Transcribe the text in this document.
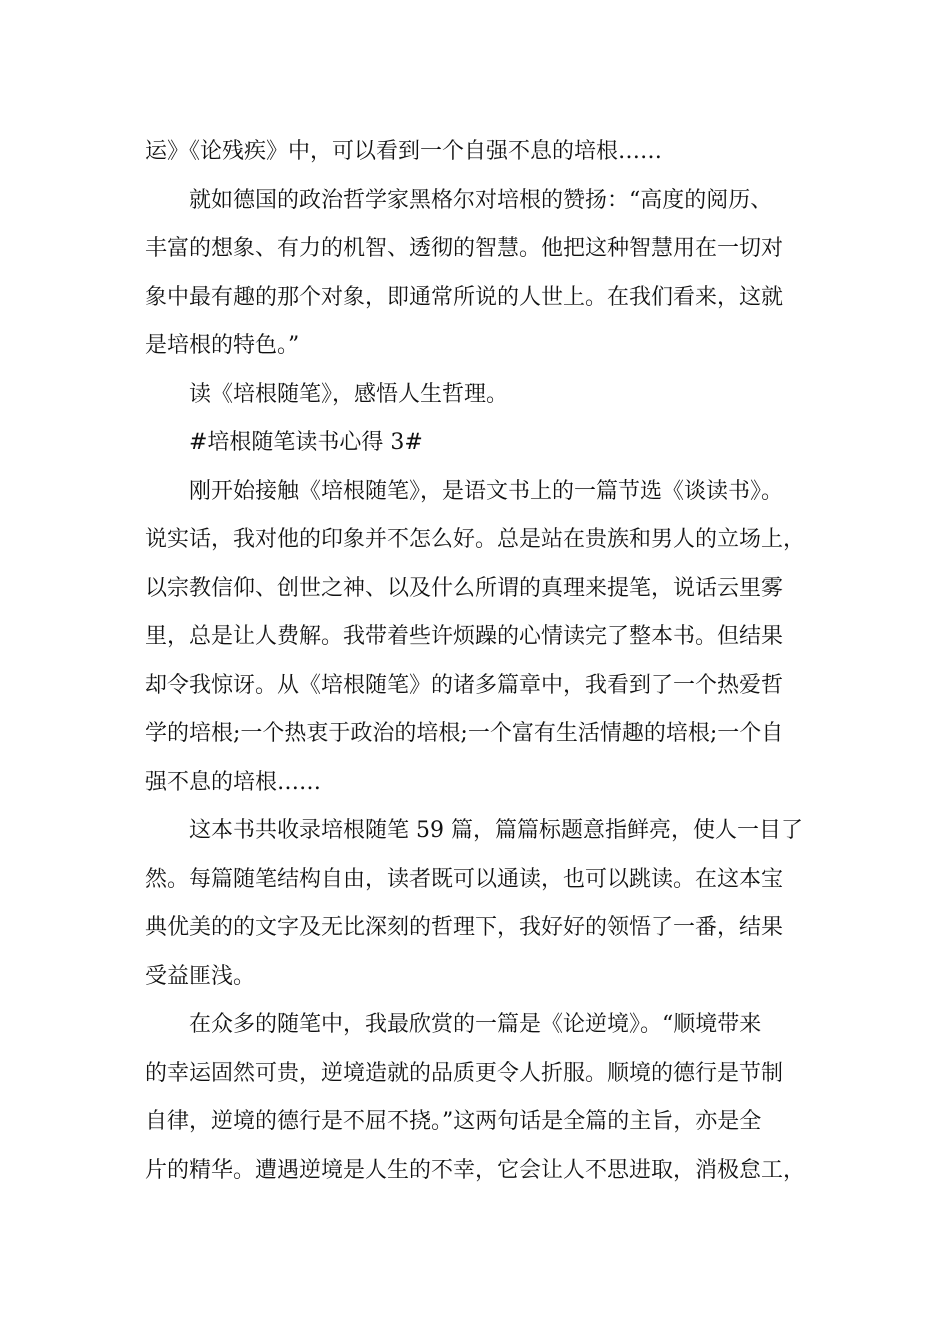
运》《论残疾》中，可以看到一个自强不息的培根……
就如德国的政治哲学家黑格尔对培根的赞扬：“高度的阅历、
丰富的想象、有力的机智、透彻的智慧。他把这种智慧用在一切对
象中最有趣的那个对象，即通常所说的人世上。在我们看来，这就
是培根的特色。”
读《培根随笔》，感悟人生哲理。
#培根随笔读书心得 3#
刚开始接触《培根随笔》，是语文书上的一篇节选《谈读书》。
说实话，我对他的印象并不怎么好。总是站在贵族和男人的立场上，
以宗教信仰、创世之神、以及什么所谓的真理来提笔，说话云里雾
里，总是让人费解。我带着些许烦躁的心情读完了整本书。但结果
却令我惊讶。从《培根随笔》的诸多篇章中，我看到了一个热爱哲
学的培根;一个热衷于政治的培根;一个富有生活情趣的培根;一个自
强不息的培根……
这本书共收录培根随笔 59 篇，篇篇标题意指鲜亮，使人一目了
然。每篇随笔结构自由，读者既可以通读，也可以跳读。在这本宝
典优美的的文字及无比深刻的哲理下，我好好的领悟了一番，结果
受益匪浅。
在众多的随笔中，我最欣赏的一篇是《论逆境》。“顺境带来
的幸运固然可贵，逆境造就的品质更令人折服。顺境的德行是节制
自律，逆境的德行是不屈不挠。”这两句话是全篇的主旨，亦是全
片的精华。遭遇逆境是人生的不幸，它会让人不思进取，消极怠工，
